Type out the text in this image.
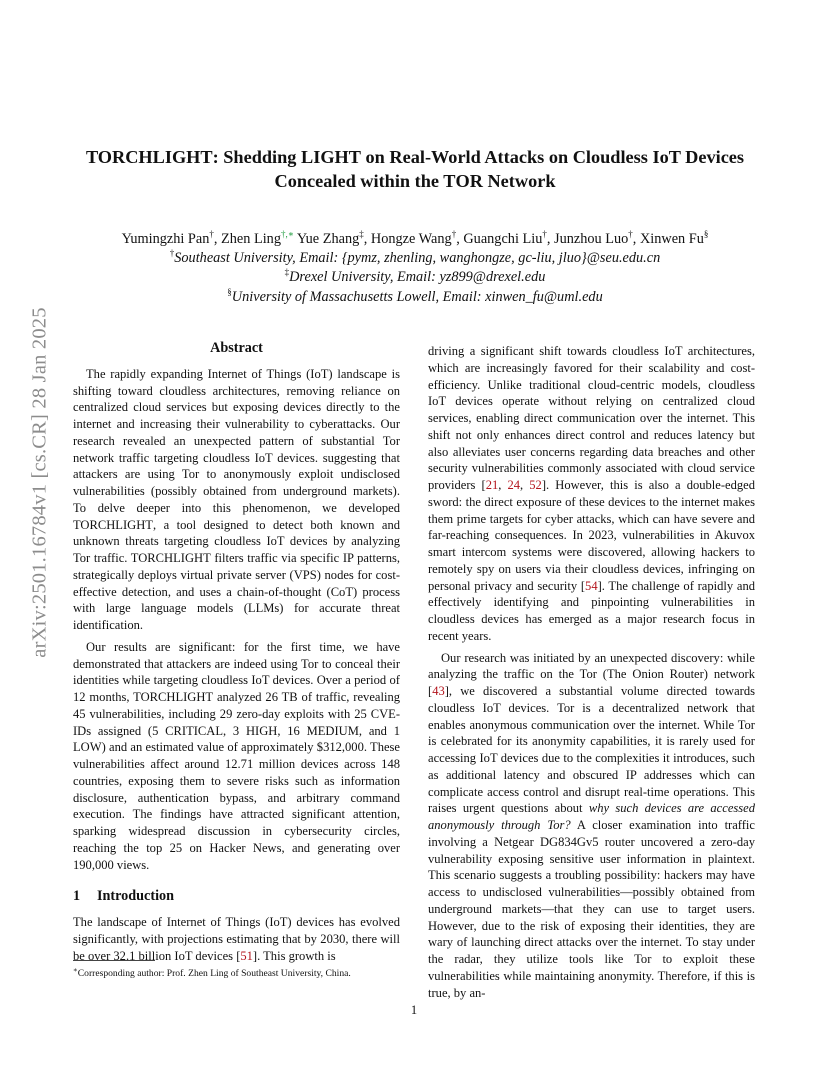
arXiv:2501.16784v1 [cs.CR] 28 Jan 2025
TORCHLIGHT: Shedding LIGHT on Real-World Attacks on Cloudless IoT Devices
Concealed within the TOR Network
Yumingzhi Pan†, Zhen Ling†,∗ Yue Zhang‡, Hongze Wang†, Guangchi Liu†, Junzhou Luo†, Xinwen Fu§
†Southeast University, Email: {pymz, zhenling, wanghongze, gc-liu, jluo}@seu.edu.cn
‡Drexel University, Email: yz899@drexel.edu
§University of Massachusetts Lowell, Email: xinwen_fu@uml.edu
Abstract

The rapidly expanding Internet of Things (IoT) landscape is shifting toward cloudless architectures, removing reliance on centralized cloud services but exposing devices directly to the internet and increasing their vulnerability to cyberattacks. Our research revealed an unexpected pattern of substantial Tor network traffic targeting cloudless IoT devices. suggesting that attackers are using Tor to anonymously exploit undisclosed vulnerabilities (possibly obtained from underground markets). To delve deeper into this phenomenon, we developed TORCHLIGHT, a tool designed to detect both known and unknown threats targeting cloudless IoT devices by analyzing Tor traffic. TORCHLIGHT filters traffic via specific IP patterns, strategically deploys virtual private server (VPS) nodes for cost-effective detection, and uses a chain-of-thought (CoT) process with large language models (LLMs) for accurate threat identification.

Our results are significant: for the first time, we have demonstrated that attackers are indeed using Tor to conceal their identities while targeting cloudless IoT devices. Over a period of 12 months, TORCHLIGHT analyzed 26 TB of traffic, revealing 45 vulnerabilities, including 29 zero-day exploits with 25 CVE-IDs assigned (5 CRITICAL, 3 HIGH, 16 MEDIUM, and 1 LOW) and an estimated value of approximately $312,000. These vulnerabilities affect around 12.71 million devices across 148 countries, exposing them to severe risks such as information disclosure, authentication bypass, and arbitrary command execution. The findings have attracted significant attention, sparking widespread discussion in cybersecurity circles, reaching the top 25 on Hacker News, and generating over 190,000 views.

1 Introduction

The landscape of Internet of Things (IoT) devices has evolved significantly, with projections estimating that by 2030, there will be over 32.1 billion IoT devices [51]. This growth is

∗Corresponding author: Prof. Zhen Ling of Southeast University, China.

driving a significant shift towards cloudless IoT architectures, which are increasingly favored for their scalability and cost-efficiency. Unlike traditional cloud-centric models, cloudless IoT devices operate without relying on centralized cloud services, enabling direct communication over the internet. This shift not only enhances direct control and reduces latency but also alleviates user concerns regarding data breaches and other security vulnerabilities commonly associated with cloud service providers [21, 24, 52]. However, this is also a double-edged sword: the direct exposure of these devices to the internet makes them prime targets for cyber attacks, which can have severe and far-reaching consequences. In 2023, vulnerabilities in Akuvox smart intercom systems were discovered, allowing hackers to remotely spy on users via their cloudless devices, infringing on personal privacy and security [54]. The challenge of rapidly and effectively identifying and pinpointing vulnerabilities in cloudless devices has emerged as a major research focus in recent years.

Our research was initiated by an unexpected discovery: while analyzing the traffic on the Tor (The Onion Router) network [43], we discovered a substantial volume directed towards cloudless IoT devices. Tor is a decentralized network that enables anonymous communication over the internet. While Tor is celebrated for its anonymity capabilities, it is rarely used for accessing IoT devices due to the complexities it introduces, such as additional latency and obscured IP addresses which can complicate access control and disrupt real-time operations. This raises urgent questions about why such devices are accessed anonymously through Tor? A closer examination into traffic involving a Netgear DG834Gv5 router uncovered a zero-day vulnerability exposing sensitive user information in plaintext. This scenario suggests a troubling possibility: hackers may have access to undisclosed vulnerabilities—possibly obtained from underground markets—that they can use to target users. However, due to the risk of exposing their identities, they are wary of launching direct attacks over the internet. To stay under the radar, they utilize tools like Tor to exploit these vulnerabilities while maintaining anonymity. Therefore, if this is true, by an-

1
